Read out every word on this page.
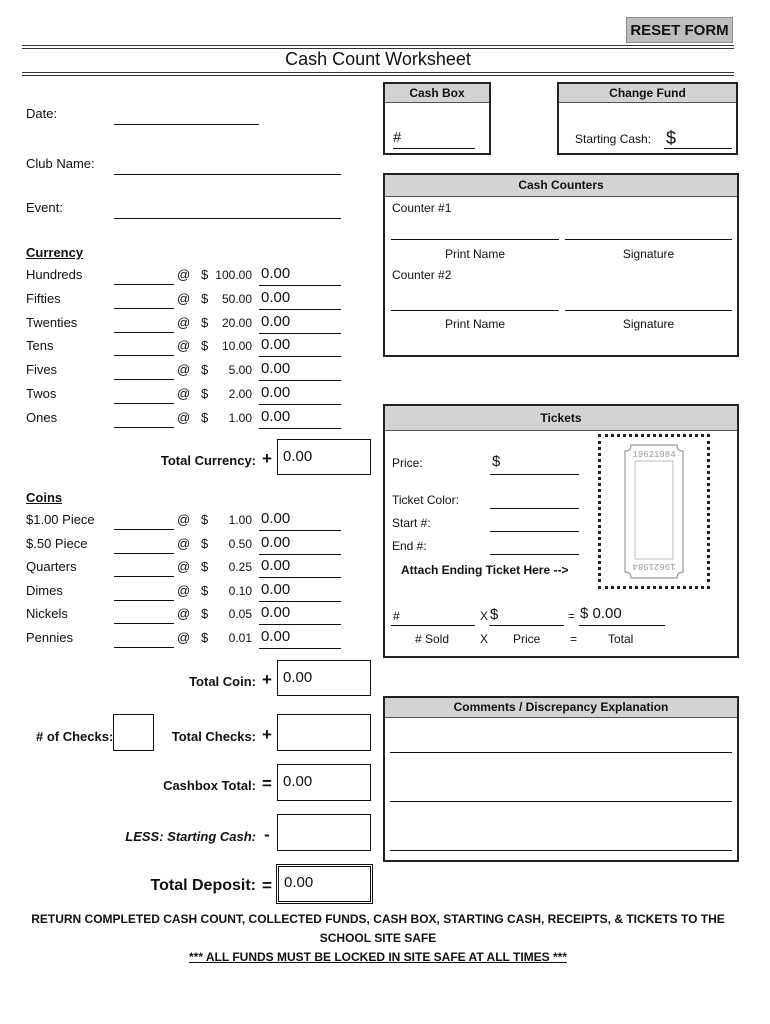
RESET FORM
Cash Count Worksheet
Date:
Club Name:
Event:
Currency
Hundreds	@ $ 100.00 0.00
Fifties	@ $	50.00 0.00
Twenties	@ $	20.00 0.00
Tens	@ $	10.00 0.00
Fives	@ $	5.00 0.00
Twos	@ $	2.00 0.00
Ones	@ $	1.00 0.00
Total Currency: + 0.00
Coins
$1.00 Piece	@ $	1.00 0.00
$.50 Piece	@ $	0.50 0.00
Quarters	@ $	0.25 0.00
Dimes	@ $	0.10 0.00
Nickels	@ $	0.05 0.00
Pennies	@ $	0.01 0.00
Total Coin: + 0.00
# of Checks:	Total Checks: +
Cashbox Total: = 0.00
LESS: Starting Cash: -
Total Deposit: = 0.00
Cash Box
#
Change Fund
Starting Cash: $
Cash Counters
Counter #1
Print Name	Signature
Counter #2
Print Name	Signature
Tickets
Price:	$
Ticket Color:
Start #:
End #:
Attach Ending Ticket Here -->
19621984
19621984
#	X $	= $ 0.00
# Sold	X Price =	Total
Comments / Discrepancy Explanation
RETURN COMPLETED CASH COUNT, COLLECTED FUNDS, CASH BOX, STARTING CASH, RECEIPTS, & TICKETS TO THE
SCHOOL SITE SAFE
*** ALL FUNDS MUST BE LOCKED IN SITE SAFE AT ALL TIMES ***
